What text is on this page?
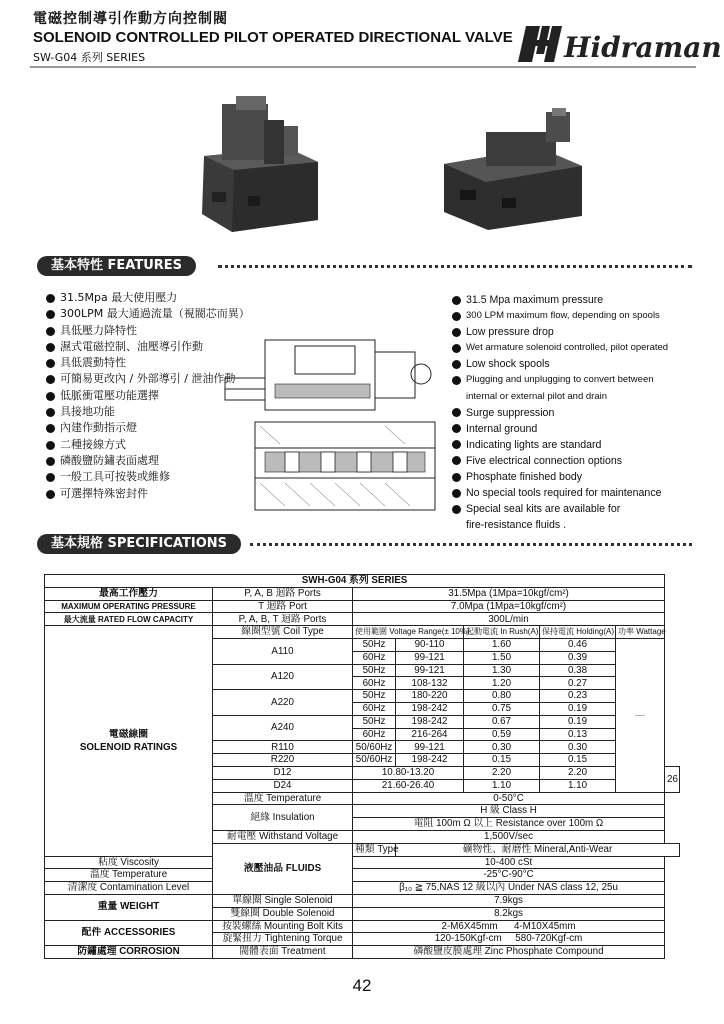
電磁控制導引作動方向控制閥
SOLENOID CONTROLLED PILOT OPERATED DIRECTIONAL VALVE
SW-G04 系列 SERIES	Hidraman
基本特性 FEATURES
31.5Mpa 最大使用壓力
300LPM 最大通過流量（視閥芯而異）
具低壓力降特性
濕式電磁控制、油壓導引作動
具低震動特性
可簡易更改內 / 外部導引 / 泄油作動
低脈衝電壓功能選擇
具接地功能
內建作動指示燈
二種接線方式
磷酸鹽防鏽表面處理
一般工具可按裝或維修
可選擇特殊密封件
31.5 Mpa maximum pressure
300 LPM maximum flow, depending on spools
Low pressure drop
Wet armature solenoid controlled, pilot operated
Low shock spools
Plugging and unplugging to convert between
internal or external pilot and drain
Surge suppression
Internal ground
Indicating lights are standard
Five electrical connection options
Phosphate finished body
No special tools required for maintenance
Special seal kits are available for
fire-resistance fluids .
基本規格 SPECIFICATIONS
SWH-G04 系列 SERIES							
最高工作壓力	P, A, B 迴路 Ports	31.5Mpa (1Mpa=10kgf/cm²)					
MAXIMUM OPERATING PRESSURE	T 迴路 Port	7.0Mpa (1Mpa=10kgf/cm²)					
最大流量 RATED FLOW CAPACITY	P, A, B, T 迴路 Ports	300L/min					
電磁線圈
SOLENOID RATINGS	線圈型號 Coil Type	使用範圍 Voltage Range(± 10%)		起動電流 In Rush(A)	保持電流 Holding(A)	功率 Wattage	
	A110	50Hz	90-110	1.60	0.46	—	
		60Hz	99-121	1.50	0.39		
	A120	50Hz	99-121	1.30	0.38		
		60Hz	108-132	1.20	0.27		
	A220	50Hz	180-220	0.80	0.23		
		60Hz	198-242	0.75	0.19		
	A240	50Hz	198-242	0.67	0.19		
		60Hz	216-264	0.59	0.13		
	R110	50/60Hz	99-121	0.30	0.30		
	R220	50/60Hz	198-242	0.15	0.15		
	D12	10.80-13.20		2.20	2.20		26
	D24	21.60-26.40		1.10	1.10		
	溫度 Temperature	0-50°C					
	絕緣 Insulation	H 級 Class H					
		電阻 100m Ω 以上 Resistance over 100m Ω					
	耐電壓 Withstand Voltage	1,500V/sec					
	液壓油品 FLUIDS	種類 Type	礦物性、耐磨性 Mineral,Anti-Wear				
粘度 Viscosity		10-400 cSt					
溫度 Temperature		-25°C-90°C					
清潔度 Contamination Level		β₁₀ ≧ 75,NAS 12 級以內 Under NAS class 12, 25u					
重量 WEIGHT	單線圈 Single Solenoid	7.9kgs					
	雙線圈 Double Solenoid	8.2kgs					
配件 ACCESSORIES	按裝螺絲 Mounting Bolt Kits	2-M6X45mm      4-M10X45mm					
	旋緊扭力 Tightening Torque	120-150Kgf-cm     580-720Kgf-cm					
防鏽處理 CORROSION	閥體表面 Treatment	磷酸鹽皮膜處理 Zinc Phosphate Compound					
42
